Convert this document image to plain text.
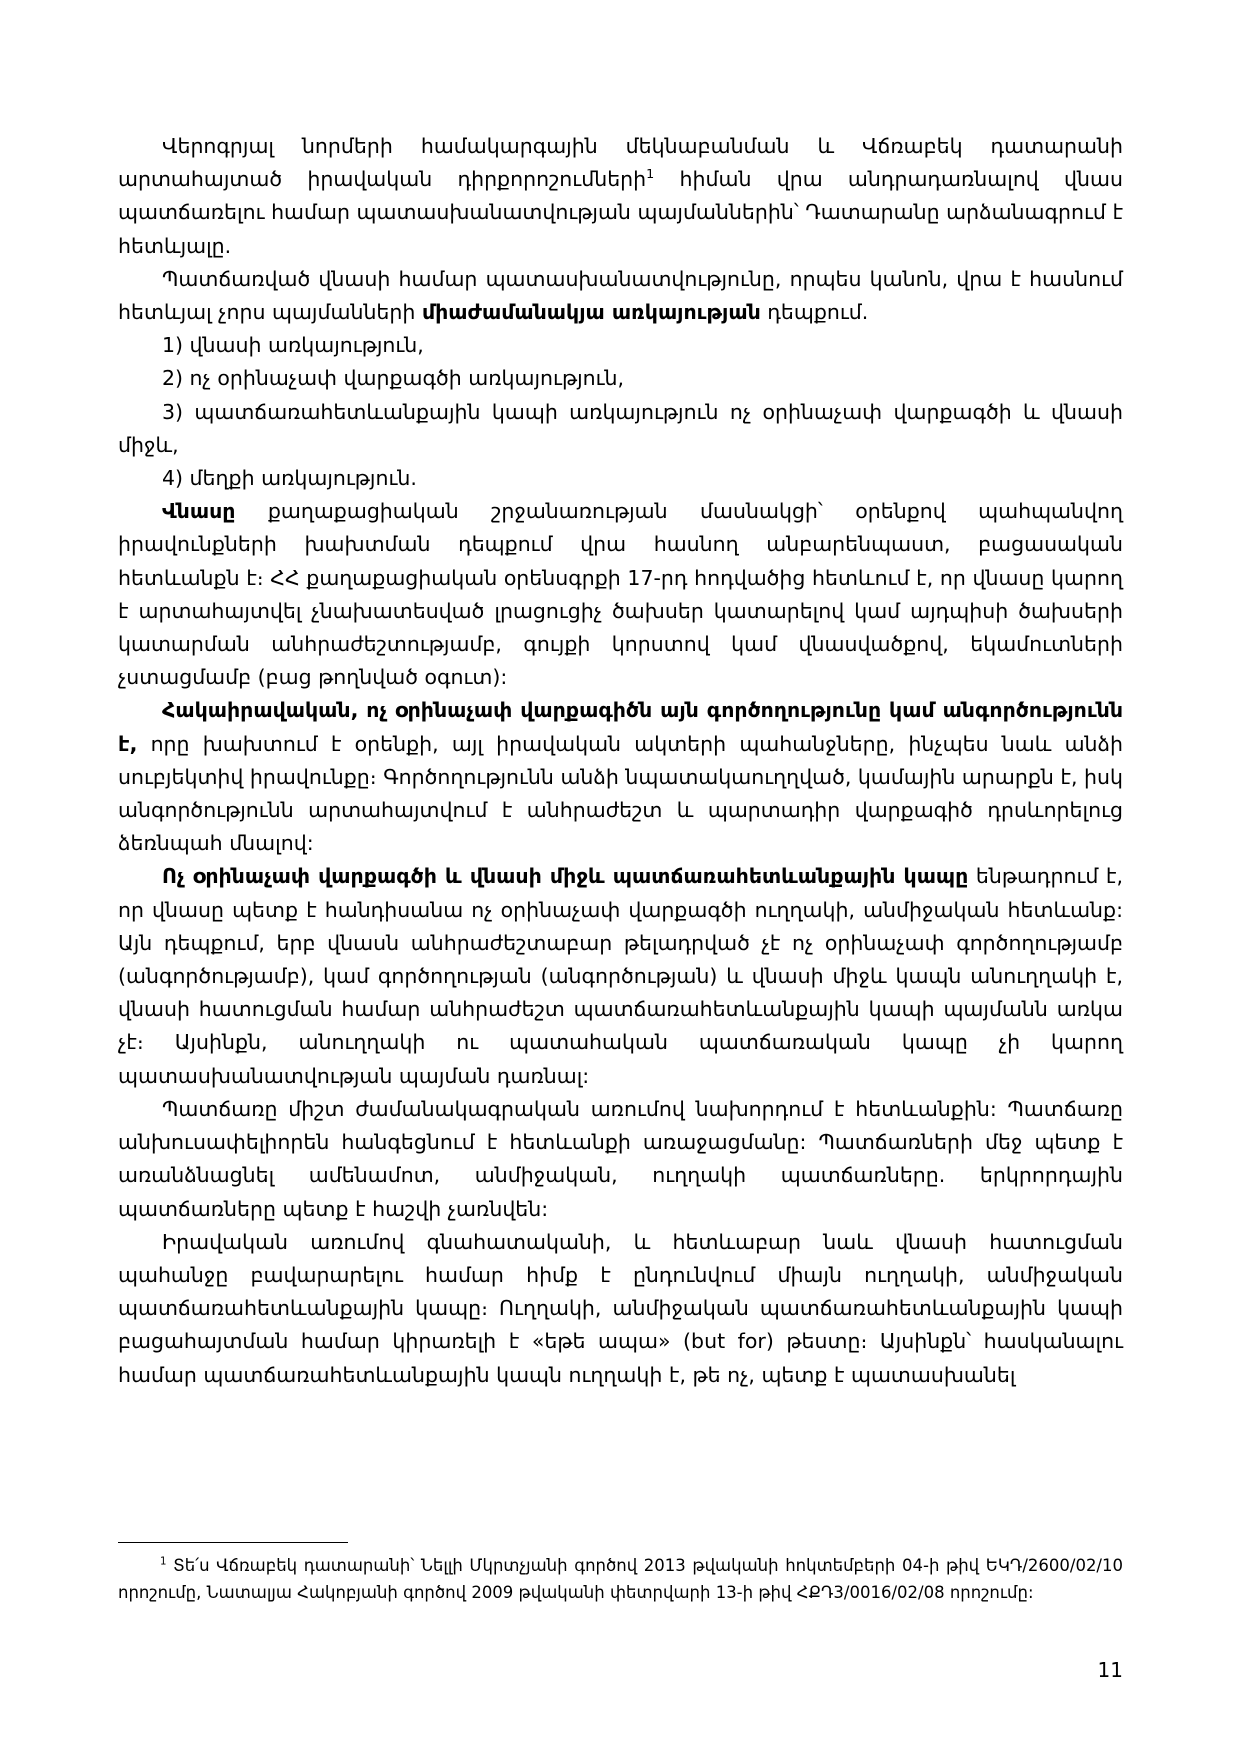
Վերոգրյալ նորմերի համակարգային մեկնաբանման և Վճռաբեկ դատարանի արտահայտած իրավական դիրքորոշումների$^1$ հիման վրա անդրադառնալով վնաս պատճառելու համար պատասխանատվության պայմաններին՝ Դատարանը արձանագրում է հետևյալը.

Պատճառված վնասի համար պատասխանատվությունը, որպես կանոն, վրա է հասնում հետևյալ չորս պայմանների միաժամանակյա առկայության դեպքում.

1) վնասի առկայություն,

2) ոչ օրինաչափ վարքագծի առկայություն,

3) պատճառահետևանքային կապի առկայություն ոչ օրինաչափ վարքագծի և վնասի միջև,

4) մեղքի առկայություն.

Վնասը քաղաքացիական շրջանառության մասնակցի՝ օրենքով պահպանվող իրավունքների խախտման դեպքում վրա հասնող անբարենպաստ, բացասական հետևանքն է։ ՀՀ քաղաքացիական օրենսգրքի 17-րդ հոդվածից հետևում է, որ վնասը կարող է արտահայտվել չնախատեսված լրացուցիչ ծախսեր կատարելով կամ այդպիսի ծախսերի կատարման անհրաժեշտությամբ, գույքի կորստով կամ վնասվածքով, եկամուտների չստացմամբ (բաց թողնված օգուտ):

Հակաիրավական, ոչ օրինաչափ վարքագիծն այն գործողությունը կամ անգործությունն է, որը խախտում է օրենքի, այլ իրավական ակտերի պահանջները, ինչպես նաև անձի սուբյեկտիվ իրավունքը։ Գործողությունն անձի նպատակաուղղված, կամային արարքն է, իսկ անգործությունն արտահայտվում է անհրաժեշտ և պարտադիր վարքագիծ դրսևորելուց ձեռնպահ մնալով:

Ոչ օրինաչափ վարքագծի և վնասի միջև պատճառահետևանքային կապը ենթադրում է, որ վնասը պետք է հանդիսանա ոչ օրինաչափ վարքագծի ուղղակի, անմիջական հետևանք: Այն դեպքում, երբ վնասն անհրաժեշտաբար թելադրված չէ ոչ օրինաչափ գործողությամբ (անգործությամբ), կամ գործողության (անգործության) և վնասի միջև կապն անուղղակի է, վնասի հատուցման համար անհրաժեշտ պատճառահետևանքային կապի պայմանն առկա չէ։ Այսինքն, անուղղակի ու պատահական պատճառական կապը չի կարող պատասխանատվության պայման դառնալ:

Պատճառը միշտ ժամանակագրական առումով նախորդում է հետևանքին: Պատճառը անխուսափելիորեն հանգեցնում է հետևանքի առաջացմանը: Պատճառների մեջ պետք է առանձնացնել ամենամոտ, անմիջական, ուղղակի պատճառները. երկրորդային պատճառները պետք է հաշվի չառնվեն:

Իրավական առումով գնահատականի, և հետևաբար նաև վնասի հատուցման պահանջը բավարարելու համար հիմք է ընդունվում միայն ուղղակի, անմիջական պատճառահետևանքային կապը։ Ուղղակի, անմիջական պատճառահետևանքային կապի բացահայտման համար կիրառելի է «եթե ապա» (but for) թեստը։ Այսինքն՝ հասկանալու համար պատճառահետևանքային կապն ուղղակի է, թե ոչ, պետք է պատասխանել

$^1$ Տե՛ս Վճռաբեկ դատարանի՝ Նելլի Մկրտչյանի գործով 2013 թվականի հոկտեմբերի 04-ի թիվ ԵԿԴ/2600/02/10 որոշումը, Նատալյա Հակոբյանի գործով 2009 թվականի փետրվարի 13-ի թիվ ՀՔԴ3/0016/02/08 որոշումը:
11
